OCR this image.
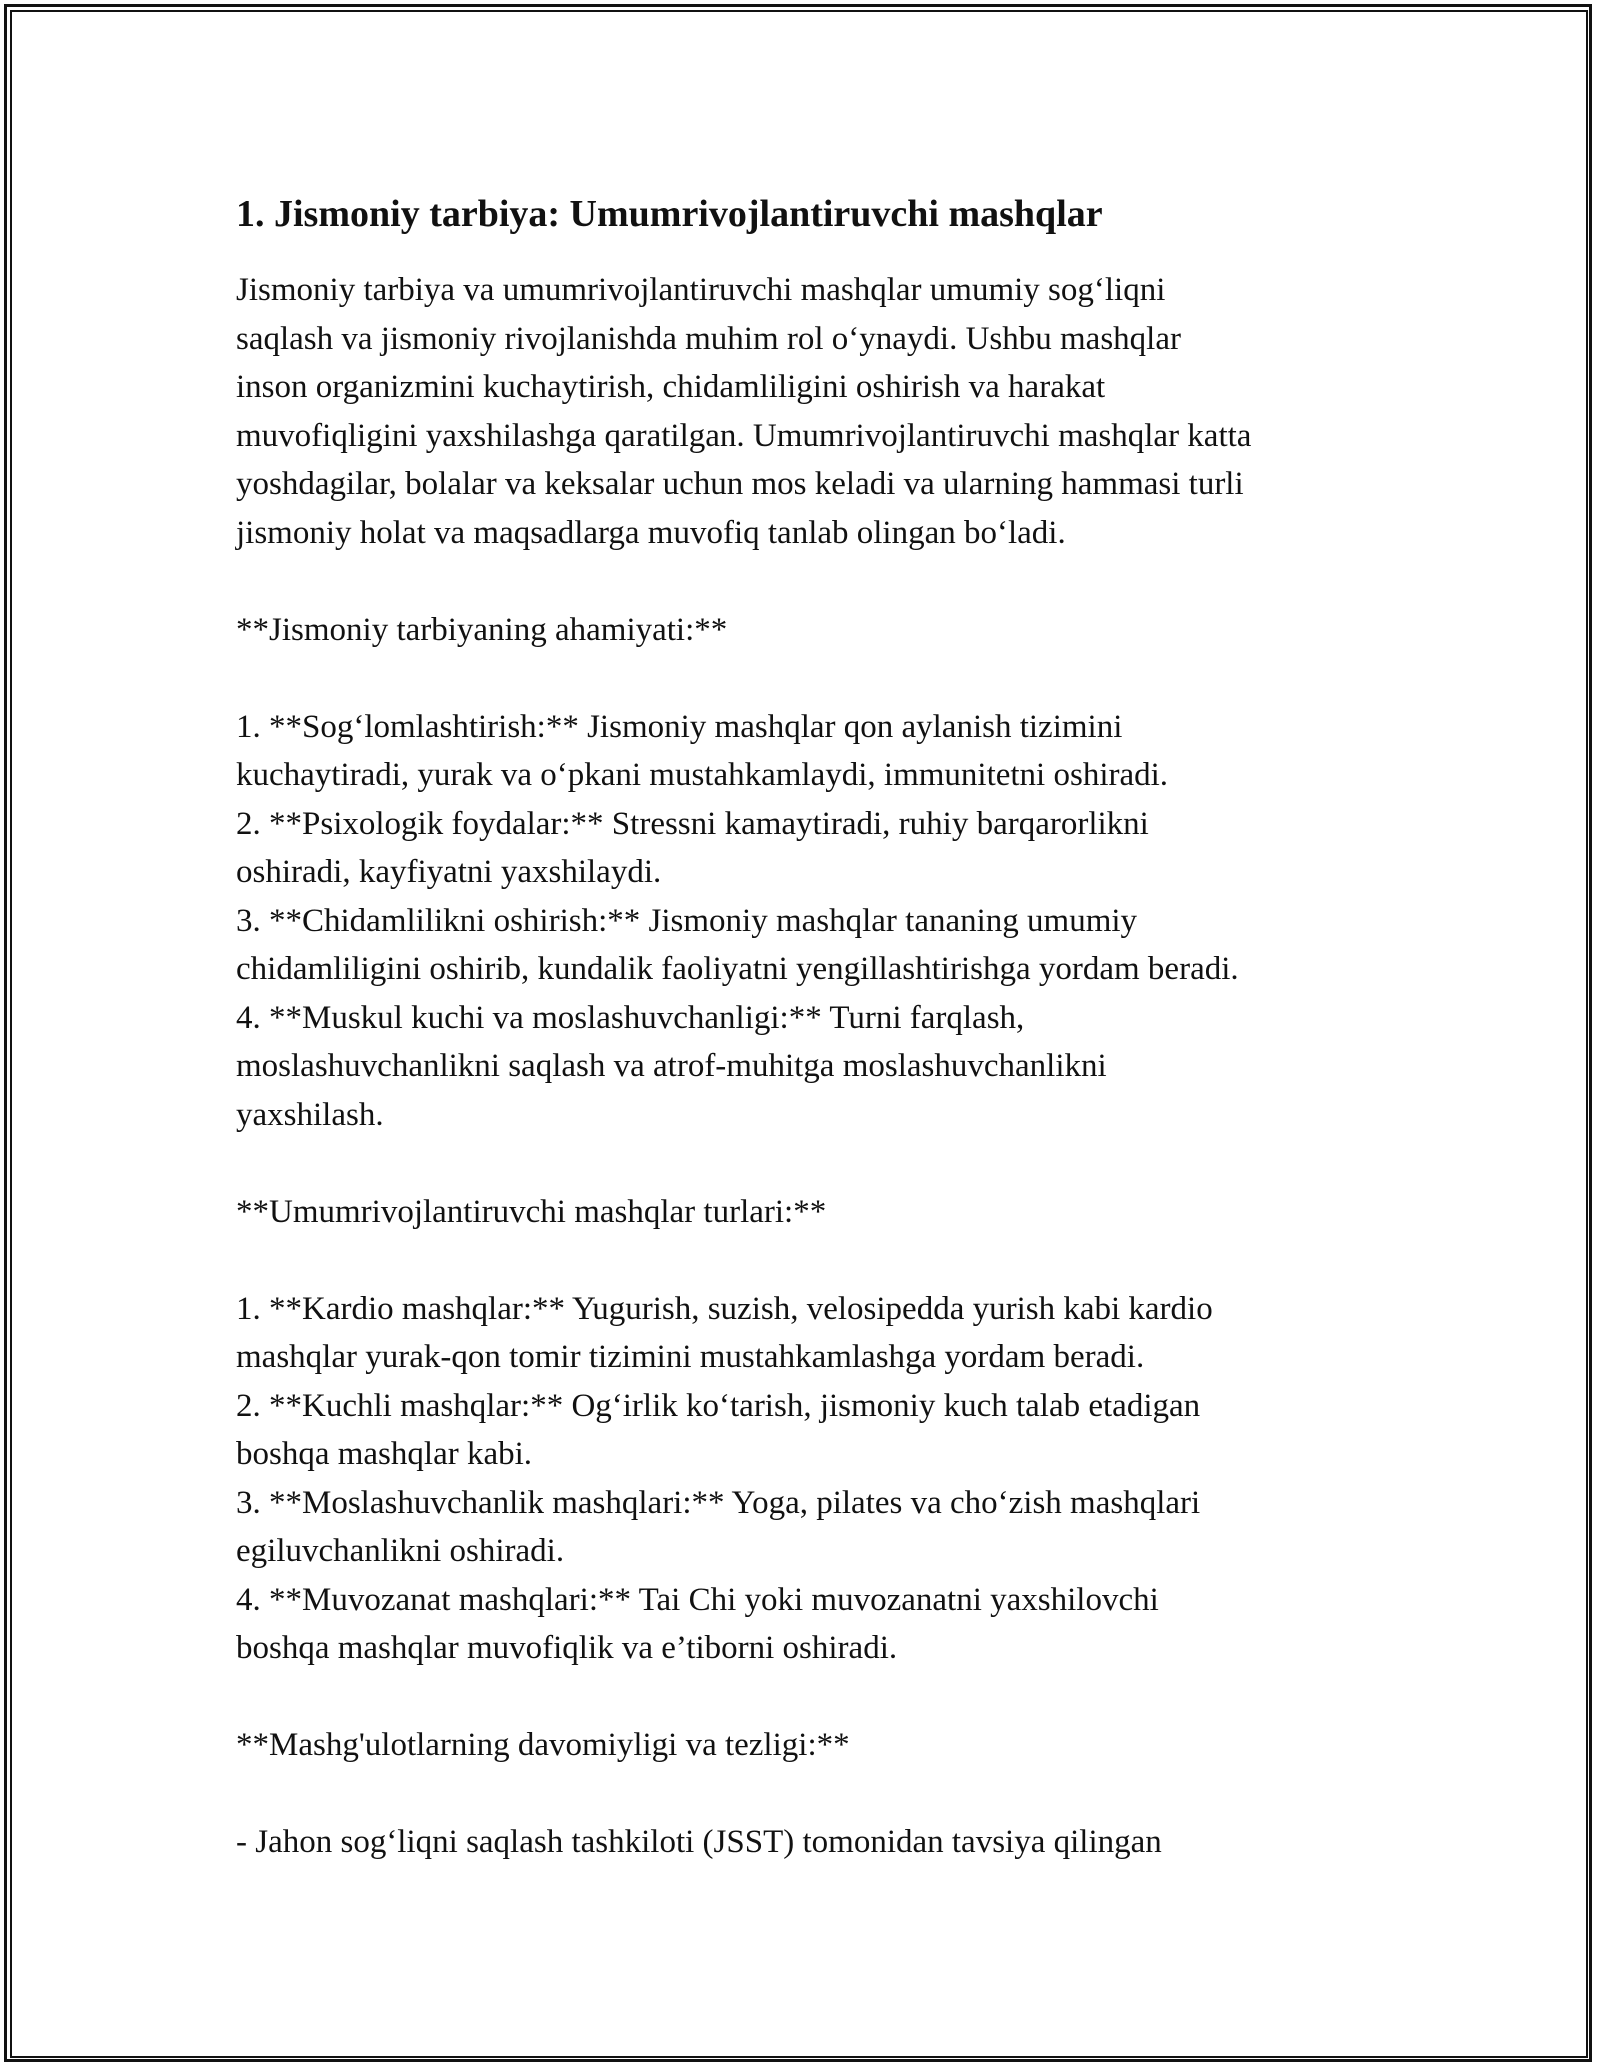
1. Jismoniy tarbiya: Umumrivojlantiruvchi mashqlar
Jismoniy tarbiya va umumrivojlantiruvchi mashqlar umumiy sog‘liqni
saqlash va jismoniy rivojlanishda muhim rol o‘ynaydi. Ushbu mashqlar
inson organizmini kuchaytirish, chidamliligini oshirish va harakat
muvofiqligini yaxshilashga qaratilgan. Umumrivojlantiruvchi mashqlar katta
yoshdagilar, bolalar va keksalar uchun mos keladi va ularning hammasi turli
jismoniy holat va maqsadlarga muvofiq tanlab olingan bo‘ladi.
**Jismoniy tarbiyaning ahamiyati:**
1. **Sog‘lomlashtirish:** Jismoniy mashqlar qon aylanish tizimini
kuchaytiradi, yurak va o‘pkani mustahkamlaydi, immunitetni oshiradi.
2. **Psixologik foydalar:** Stressni kamaytiradi, ruhiy barqarorlikni
oshiradi, kayfiyatni yaxshilaydi.
3. **Chidamlilikni oshirish:** Jismoniy mashqlar tananing umumiy
chidamliligini oshirib, kundalik faoliyatni yengillashtirishga yordam beradi.
4. **Muskul kuchi va moslashuvchanligi:** Turni farqlash,
moslashuvchanlikni saqlash va atrof-muhitga moslashuvchanlikni
yaxshilash.
**Umumrivojlantiruvchi mashqlar turlari:**
1. **Kardio mashqlar:** Yugurish, suzish, velosipedda yurish kabi kardio
mashqlar yurak-qon tomir tizimini mustahkamlashga yordam beradi.
2. **Kuchli mashqlar:** Og‘irlik ko‘tarish, jismoniy kuch talab etadigan
boshqa mashqlar kabi.
3. **Moslashuvchanlik mashqlari:** Yoga, pilates va cho‘zish mashqlari
egiluvchanlikni oshiradi.
4. **Muvozanat mashqlari:** Tai Chi yoki muvozanatni yaxshilovchi
boshqa mashqlar muvofiqlik va e’tiborni oshiradi.
**Mashg'ulotlarning davomiyligi va tezligi:**
- Jahon sog‘liqni saqlash tashkiloti (JSST) tomonidan tavsiya qilingan
